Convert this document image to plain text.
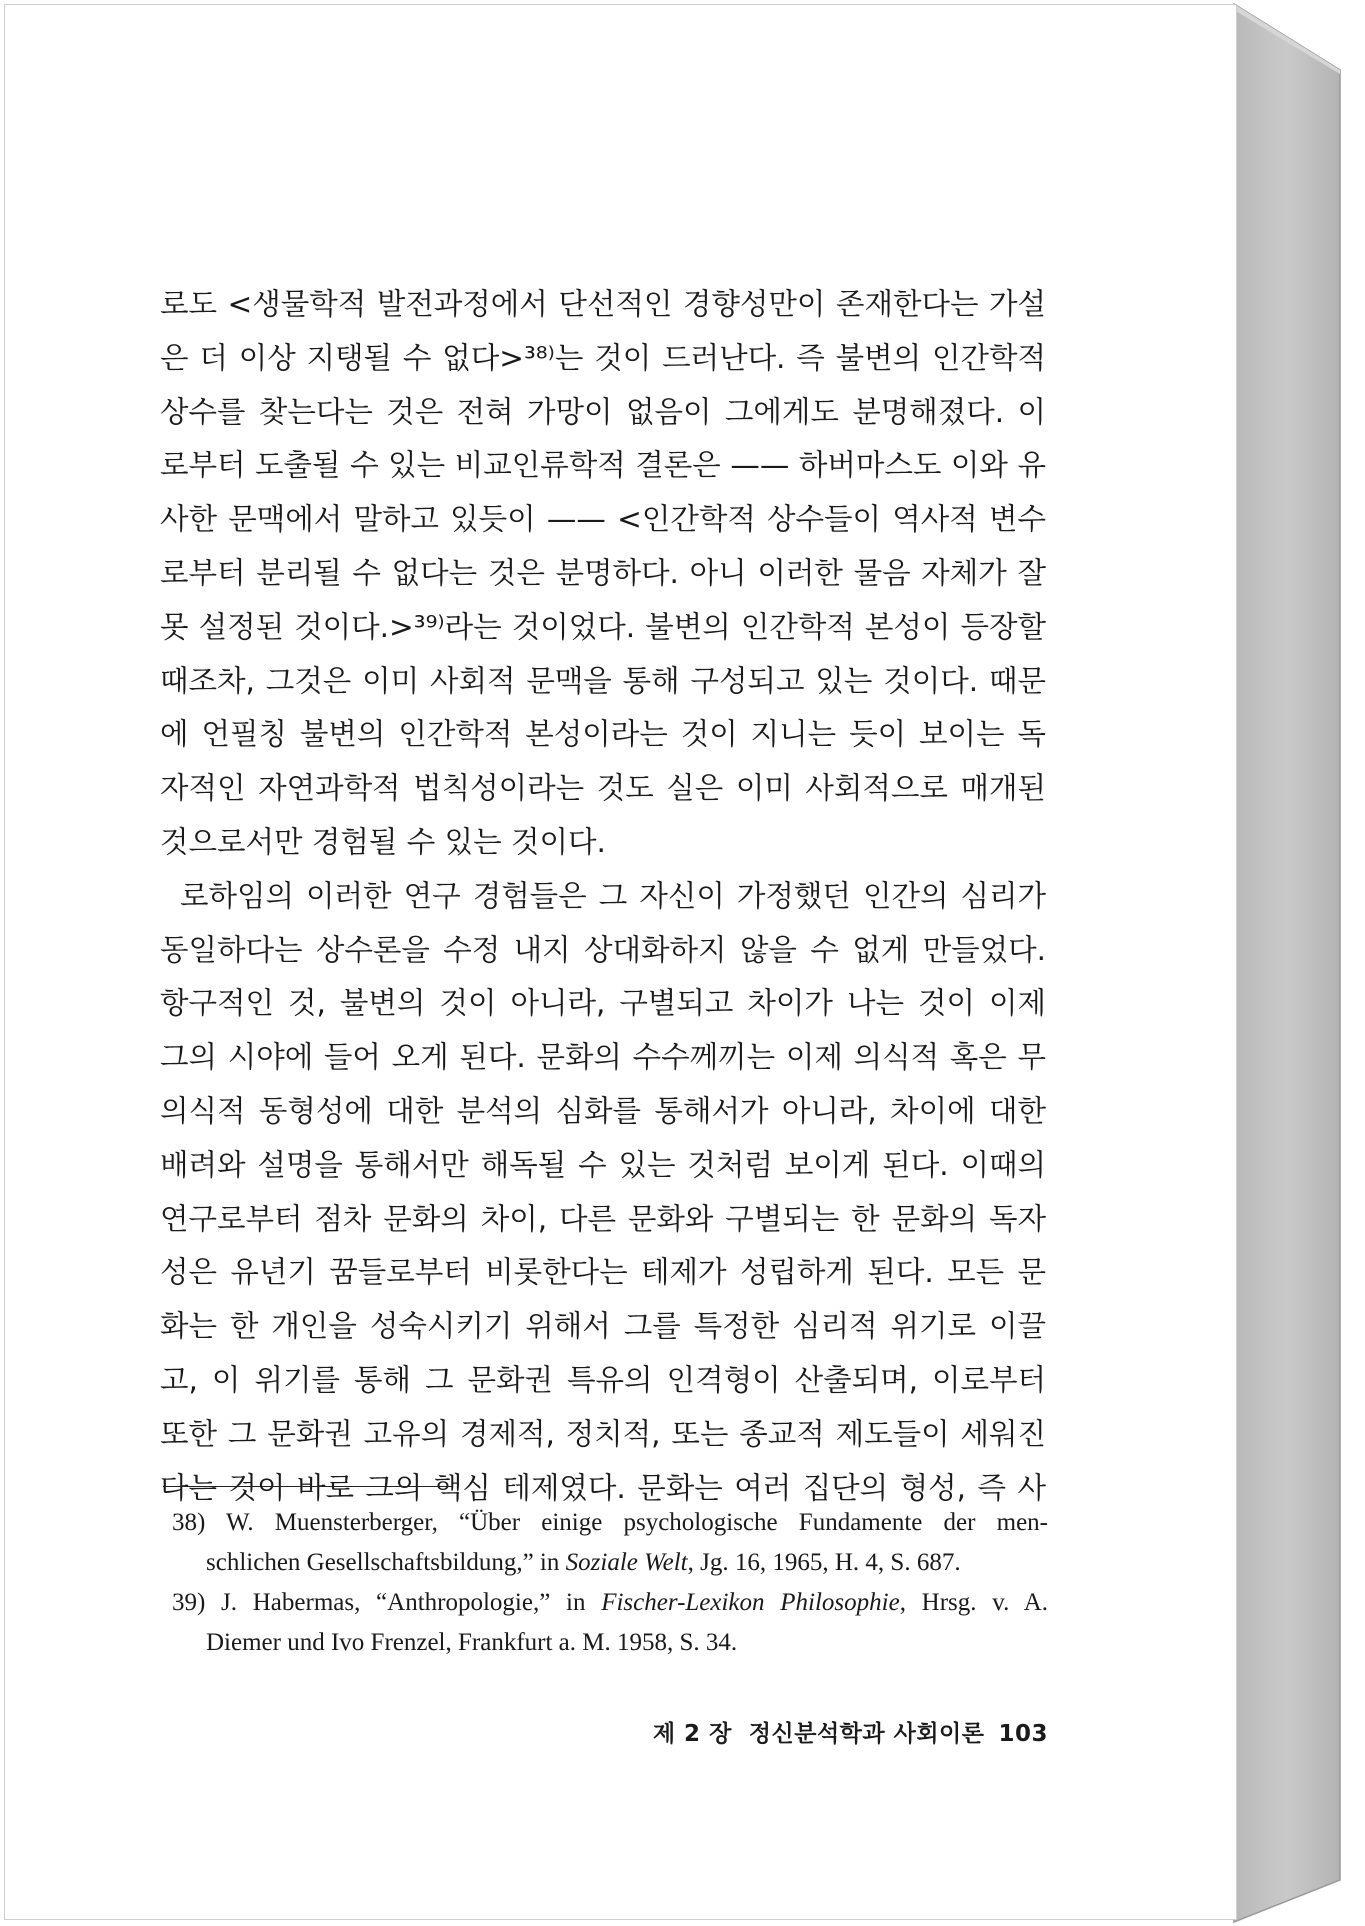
로도 <생물학적 발전과정에서 단선적인 경향성만이 존재한다는 가설
은 더 이상 지탱될 수 없다>³⁸⁾는 것이 드러난다. 즉 불변의 인간학적
상수를 찾는다는 것은 전혀 가망이 없음이 그에게도 분명해졌다. 이
로부터 도출될 수 있는 비교인류학적 결론은 —— 하버마스도 이와 유
사한 문맥에서 말하고 있듯이 —— <인간학적 상수들이 역사적 변수
로부터 분리될 수 없다는 것은 분명하다. 아니 이러한 물음 자체가 잘
못 설정된 것이다.>³⁹⁾라는 것이었다. 불변의 인간학적 본성이 등장할
때조차, 그것은 이미 사회적 문맥을 통해 구성되고 있는 것이다. 때문
에 언필칭 불변의 인간학적 본성이라는 것이 지니는 듯이 보이는 독
자적인 자연과학적 법칙성이라는 것도 실은 이미 사회적으로 매개된
것으로서만 경험될 수 있는 것이다.
로하임의 이러한 연구 경험들은 그 자신이 가정했던 인간의 심리가
동일하다는 상수론을 수정 내지 상대화하지 않을 수 없게 만들었다.
항구적인 것, 불변의 것이 아니라, 구별되고 차이가 나는 것이 이제
그의 시야에 들어 오게 된다. 문화의 수수께끼는 이제 의식적 혹은 무
의식적 동형성에 대한 분석의 심화를 통해서가 아니라, 차이에 대한
배려와 설명을 통해서만 해독될 수 있는 것처럼 보이게 된다. 이때의
연구로부터 점차 문화의 차이, 다른 문화와 구별되는 한 문화의 독자
성은 유년기 꿈들로부터 비롯한다는 테제가 성립하게 된다. 모든 문
화는 한 개인을 성숙시키기 위해서 그를 특정한 심리적 위기로 이끌
고, 이 위기를 통해 그 문화권 특유의 인격형이 산출되며, 이로부터
또한 그 문화권 고유의 경제적, 정치적, 또는 종교적 제도들이 세워진
다는 것이 바로 그의 핵심 테제였다. 문화는 여러 집단의 형성, 즉 사
38) W. Muensterberger, “Über einige psychologische Fundamente der men-
schlichen Gesellschaftsbildung,” in Soziale Welt, Jg. 16, 1965, H. 4, S. 687.
39) J. Habermas, “Anthropologie,” in Fischer-Lexikon Philosophie, Hrsg. v. A.
Diemer und Ivo Frenzel, Frankfurt a. M. 1958, S. 34.
제 2 장  정신분석학과 사회이론 103
